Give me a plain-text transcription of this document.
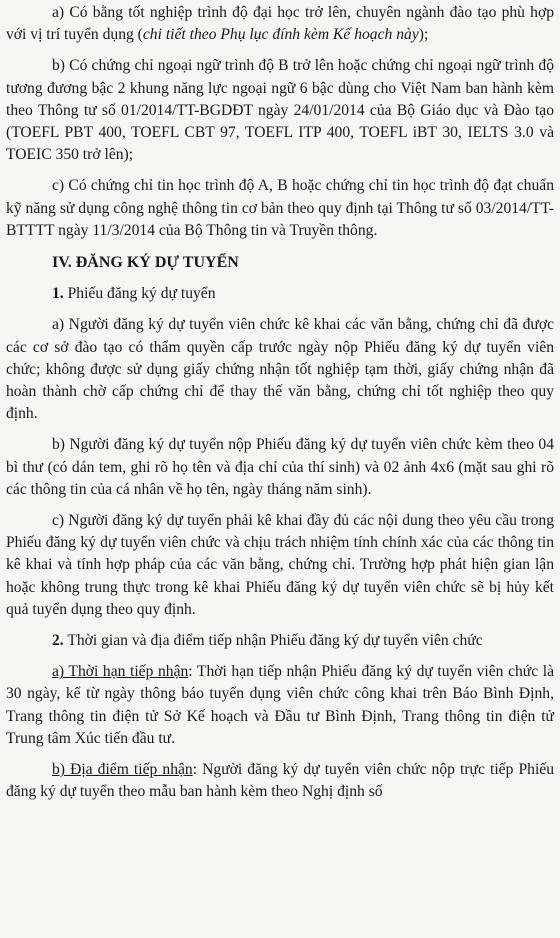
a) Có bằng tốt nghiệp trình độ đại học trở lên, chuyên ngành đào tạo phù hợp với vị trí tuyển dụng (chi tiết theo Phụ lục đính kèm Kế hoạch này);

b) Có chứng chỉ ngoại ngữ trình độ B trở lên hoặc chứng chỉ ngoại ngữ trình độ tương đương bậc 2 khung năng lực ngoại ngữ 6 bậc dùng cho Việt Nam ban hành kèm theo Thông tư số 01/2014/TT-BGDĐT ngày 24/01/2014 của Bộ Giáo dục và Đào tạo (TOEFL PBT 400, TOEFL CBT 97, TOEFL ITP 400, TOEFL iBT 30, IELTS 3.0 và TOEIC 350 trở lên);

c) Có chứng chỉ tin học trình độ A, B hoặc chứng chỉ tin học trình độ đạt chuẩn kỹ năng sử dụng công nghệ thông tin cơ bản theo quy định tại Thông tư số 03/2014/TT-BTTTT ngày 11/3/2014 của Bộ Thông tin và Truyền thông.

IV. ĐĂNG KÝ DỰ TUYỂN

1. Phiếu đăng ký dự tuyển

a) Người đăng ký dự tuyển viên chức kê khai các văn bằng, chứng chỉ đã được các cơ sở đào tạo có thẩm quyền cấp trước ngày nộp Phiếu đăng ký dự tuyển viên chức; không được sử dụng giấy chứng nhận tốt nghiệp tạm thời, giấy chứng nhận đã hoàn thành chờ cấp chứng chỉ để thay thế văn bằng, chứng chỉ tốt nghiệp theo quy định.

b) Người đăng ký dự tuyển nộp Phiếu đăng ký dự tuyển viên chức kèm theo 04 bì thư (có dán tem, ghi rõ họ tên và địa chỉ của thí sinh) và 02 ảnh 4x6 (mặt sau ghi rõ các thông tin của cá nhân về họ tên, ngày tháng năm sinh).

c) Người đăng ký dự tuyển phải kê khai đầy đủ các nội dung theo yêu cầu trong Phiếu đăng ký dự tuyển viên chức và chịu trách nhiệm tính chính xác của các thông tin kê khai và tính hợp pháp của các văn bằng, chứng chỉ. Trường hợp phát hiện gian lận hoặc không trung thực trong kê khai Phiếu đăng ký dự tuyển viên chức sẽ bị hủy kết quả tuyển dụng theo quy định.

2. Thời gian và địa điểm tiếp nhận Phiếu đăng ký dự tuyển viên chức

a) Thời hạn tiếp nhận: Thời hạn tiếp nhận Phiếu đăng ký dự tuyển viên chức là 30 ngày, kể từ ngày thông báo tuyển dụng viên chức công khai trên Báo Bình Định, Trang thông tin điện tử Sở Kế hoạch và Đầu tư Bình Định, Trang thông tin điện tử Trung tâm Xúc tiến đầu tư.

b) Địa điểm tiếp nhận: Người đăng ký dự tuyển viên chức nộp trực tiếp Phiếu đăng ký dự tuyển theo mẫu ban hành kèm theo Nghị định số
